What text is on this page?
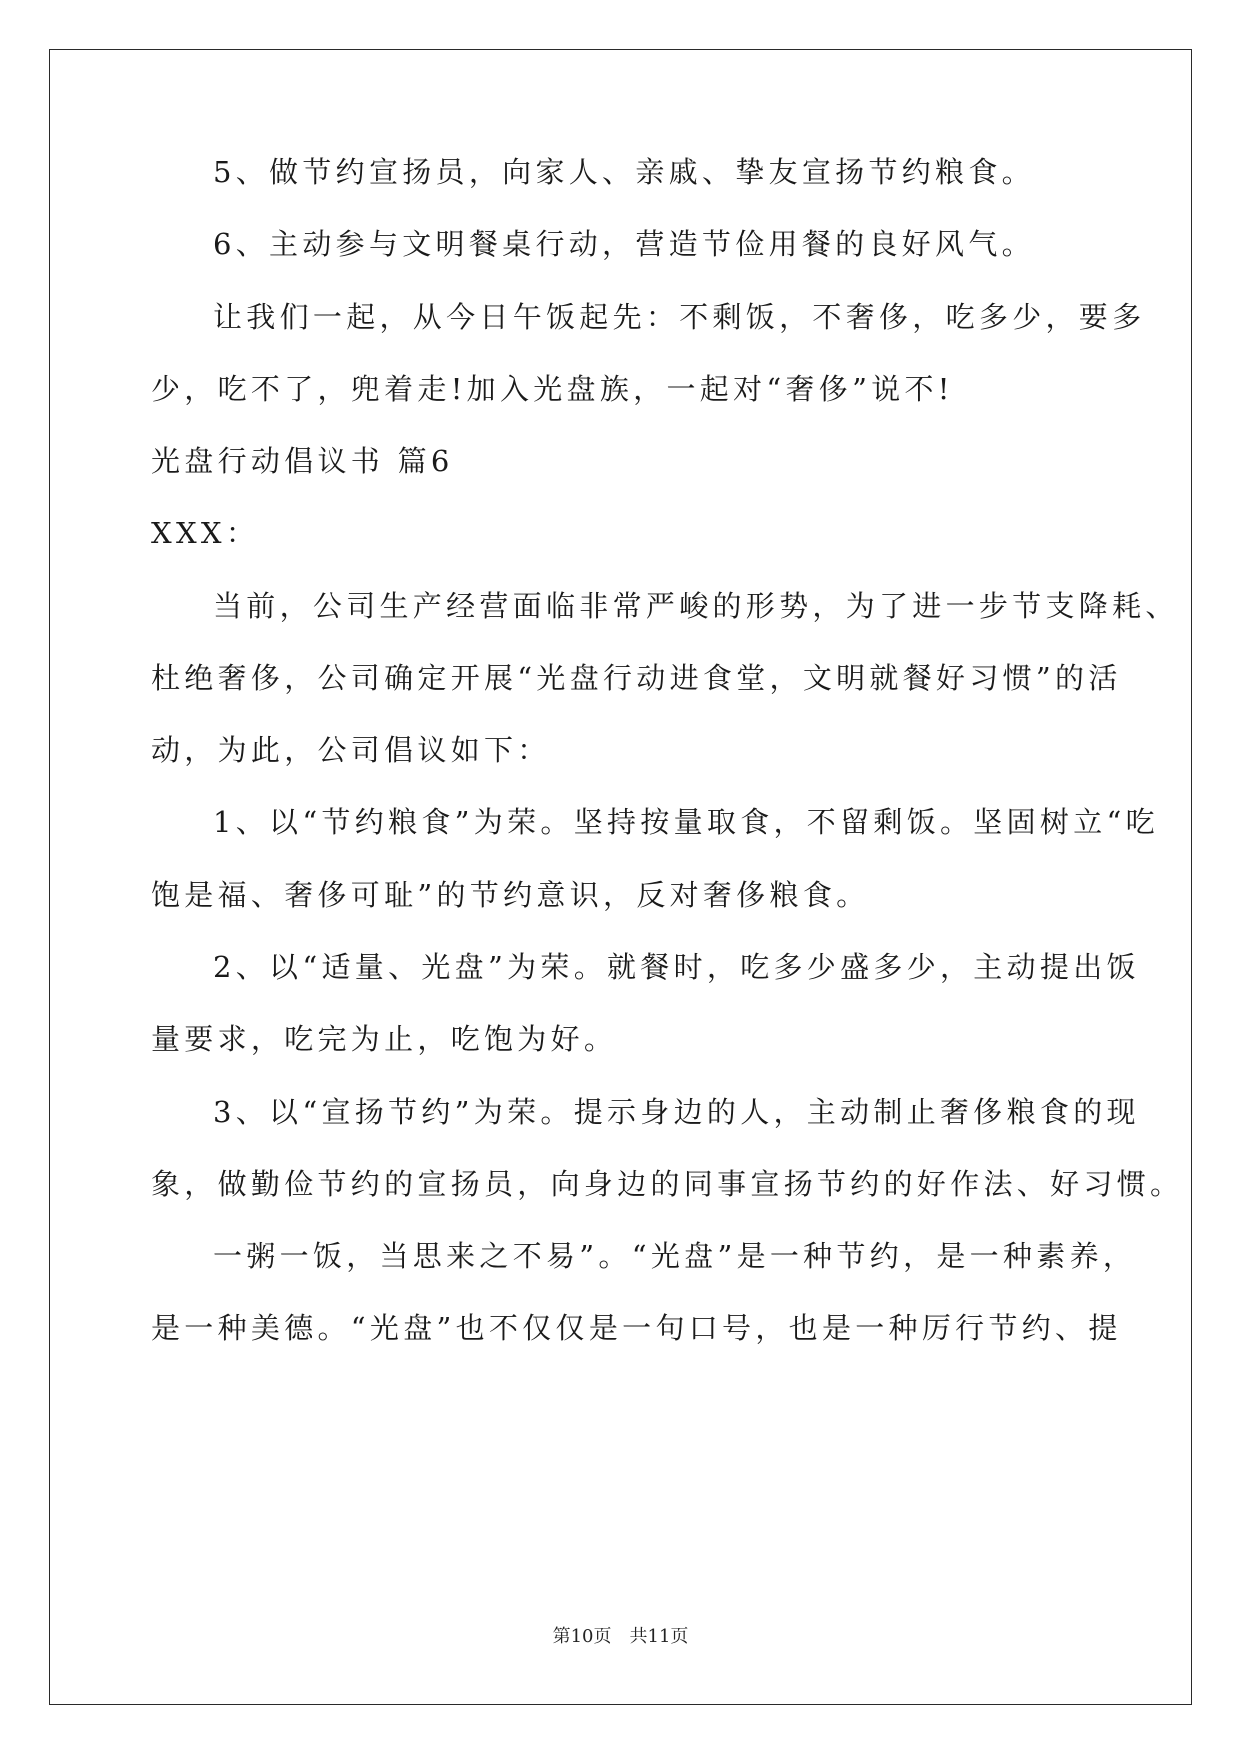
5、做节约宣扬员，向家人、亲戚、挚友宣扬节约粮食。
6、主动参与文明餐桌行动，营造节俭用餐的良好风气。
让我们一起，从今日午饭起先：不剩饭，不奢侈，吃多少，要多
少，吃不了，兜着走!加入光盘族，一起对“奢侈”说不!
光盘行动倡议书 篇6
XXX：
当前，公司生产经营面临非常严峻的形势，为了进一步节支降耗、
杜绝奢侈，公司确定开展“光盘行动进食堂，文明就餐好习惯”的活
动，为此，公司倡议如下：
1、以“节约粮食”为荣。坚持按量取食，不留剩饭。坚固树立“吃
饱是福、奢侈可耻”的节约意识，反对奢侈粮食。
2、以“适量、光盘”为荣。就餐时，吃多少盛多少，主动提出饭
量要求，吃完为止，吃饱为好。
3、以“宣扬节约”为荣。提示身边的人，主动制止奢侈粮食的现
象，做勤俭节约的宣扬员，向身边的同事宣扬节约的好作法、好习惯。
一粥一饭，当思来之不易”。“光盘”是一种节约，是一种素养，
是一种美德。“光盘”也不仅仅是一句口号，也是一种厉行节约、提
第10页 共11页
